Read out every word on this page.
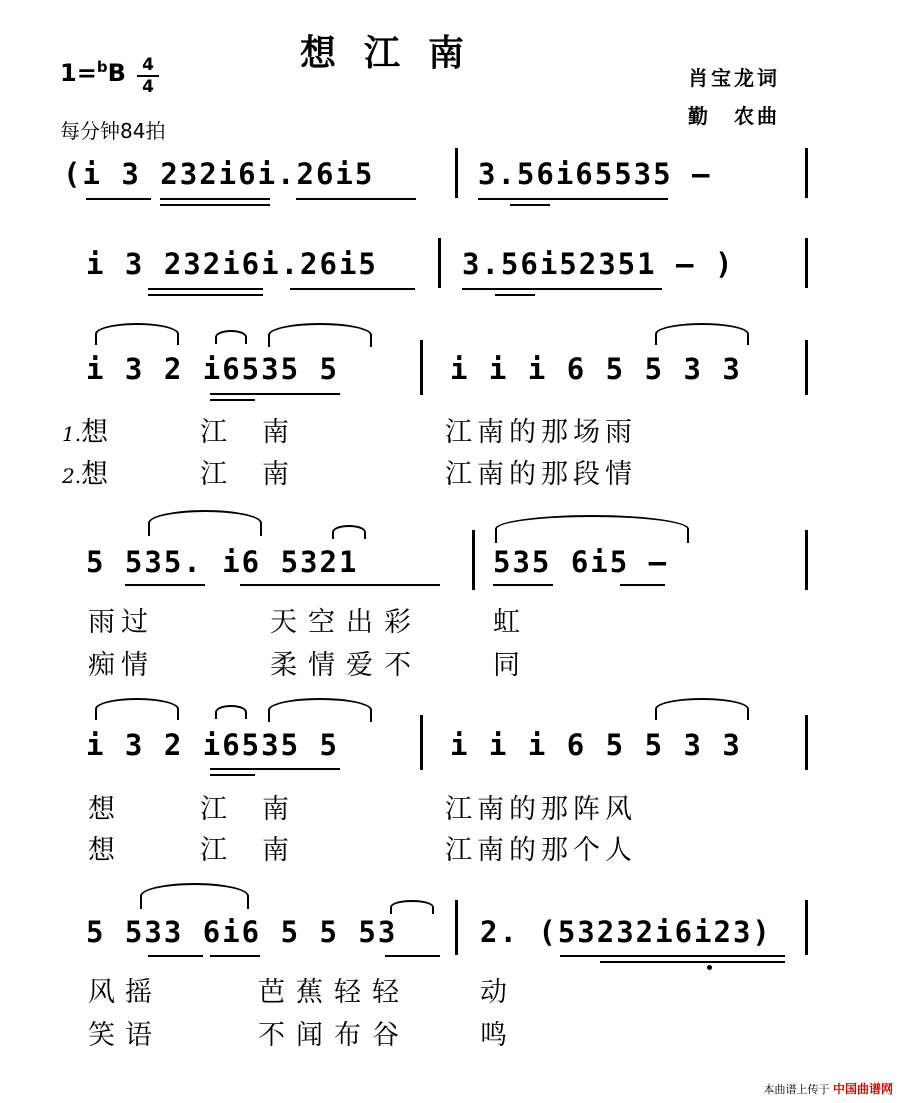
想江南
1=$^b$B 4
4
每分钟84拍
肖宝龙词
勤　农曲
(i 3 232i6i.26i5	3.56i65535 —
i 3 232i6i.26i5	3.56i52351 — )
i 3 2 i6535 5	i i i 6 5 5 3 3
1.想	江 南	江南的那场雨
2.想	江 南	江南的那段情
5 535. i6 5321	535 6i5 —
雨过	天空出彩	虹
痴情	柔情爱不	同
i 3 2 i6535 5	i i i 6 5 5 3 3
想	江 南	江南的那阵风
想	江 南	江南的那个人
5 533 6i6 5 5 53	2. (53232i6i23)
风摇	芭蕉轻轻	动
笑语	不闻布谷	鸣
本曲谱上传于 中国曲谱网
